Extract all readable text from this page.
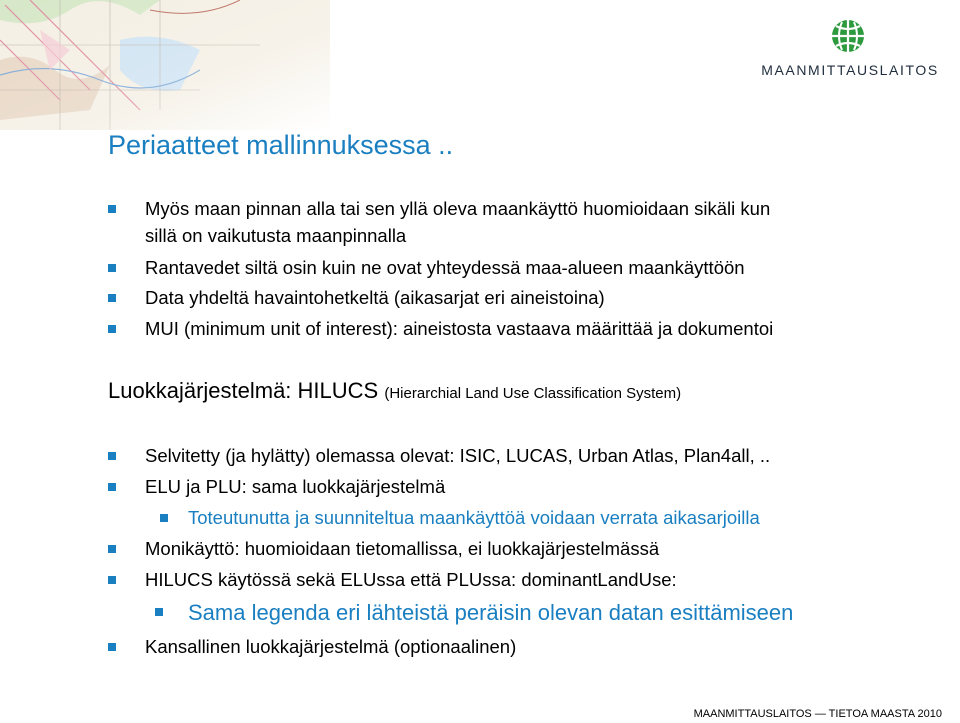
MAANMITTAUSLAITOS
Periaatteet mallinnuksessa ..
Myös maan pinnan alla tai sen yllä oleva maankäyttö huomioidaan sikäli kun
sillä on vaikutusta maanpinnalla
Rantavedet siltä osin kuin ne ovat yhteydessä maa-alueen maankäyttöön
Data yhdeltä havaintohetkeltä (aikasarjat eri aineistoina)
MUI (minimum unit of interest): aineistosta vastaava määrittää ja dokumentoi
Luokkajärjestelmä: HILUCS (Hierarchial Land Use Classification System)
Selvitetty (ja hylätty) olemassa olevat: ISIC, LUCAS, Urban Atlas, Plan4all, ..
ELU ja PLU: sama luokkajärjestelmä
Toteutunutta ja suunniteltua maankäyttöä voidaan verrata aikasarjoilla
Monikäyttö: huomioidaan tietomallissa, ei luokkajärjestelmässä
HILUCS käytössä sekä ELUssa että PLUssa: dominantLandUse:
Sama legenda eri lähteistä peräisin olevan datan esittämiseen
Kansallinen luokkajärjestelmä (optionaalinen)
MAANMITTAUSLAITOS — TIETOA MAASTA 2010
